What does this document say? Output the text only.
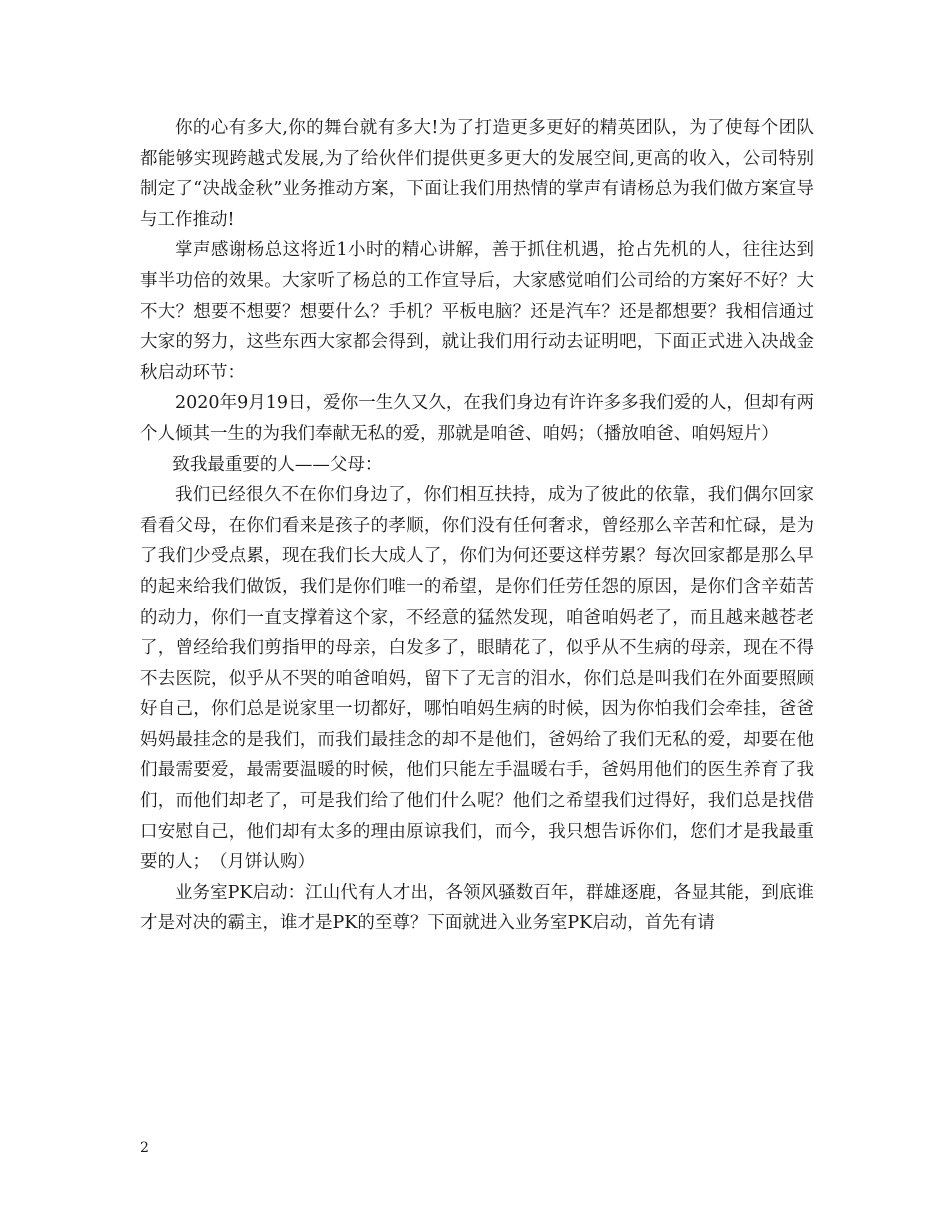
你的心有多大,你的舞台就有多大!为了打造更多更好的精英团队，为了使每个团队都能够实现跨越式发展,为了给伙伴们提供更多更大的发展空间,更高的收入，公司特别制定了“决战金秋”业务推动方案，下面让我们用热情的掌声有请杨总为我们做方案宣导与工作推动!

掌声感谢杨总这将近1小时的精心讲解，善于抓住机遇，抢占先机的人，往往达到事半功倍的效果。大家听了杨总的工作宣导后，大家感觉咱们公司给的方案好不好？大不大？想要不想要？想要什么？手机？平板电脑？还是汽车？还是都想要？我相信通过大家的努力，这些东西大家都会得到，就让我们用行动去证明吧，下面正式进入决战金秋启动环节：

2020年9月19日，爱你一生久又久，在我们身边有许许多多我们爱的人，但却有两个人倾其一生的为我们奉献无私的爱，那就是咱爸、咱妈；（播放咱爸、咱妈短片）

致我最重要的人——父母：

我们已经很久不在你们身边了，你们相互扶持，成为了彼此的依靠，我们偶尔回家看看父母，在你们看来是孩子的孝顺，你们没有任何奢求，曾经那么辛苦和忙碌，是为了我们少受点累，现在我们长大成人了，你们为何还要这样劳累？每次回家都是那么早的起来给我们做饭，我们是你们唯一的希望，是你们任劳任怨的原因，是你们含辛茹苦的动力，你们一直支撑着这个家，不经意的猛然发现，咱爸咱妈老了，而且越来越苍老了，曾经给我们剪指甲的母亲，白发多了，眼睛花了，似乎从不生病的母亲，现在不得不去医院，似乎从不哭的咱爸咱妈，留下了无言的泪水，你们总是叫我们在外面要照顾好自己，你们总是说家里一切都好，哪怕咱妈生病的时候，因为你怕我们会牵挂，爸爸妈妈最挂念的是我们，而我们最挂念的却不是他们，爸妈给了我们无私的爱，却要在他们最需要爱，最需要温暖的时候，他们只能左手温暖右手，爸妈用他们的医生养育了我们，而他们却老了，可是我们给了他们什么呢？他们之希望我们过得好，我们总是找借口安慰自己，他们却有太多的理由原谅我们，而今，我只想告诉你们，您们才是我最重要的人；　（月饼认购）

业务室PK启动：江山代有人才出，各领风骚数百年，群雄逐鹿，各显其能，到底谁才是对决的霸主，谁才是PK的至尊？下面就进入业务室PK启动，首先有请

2
